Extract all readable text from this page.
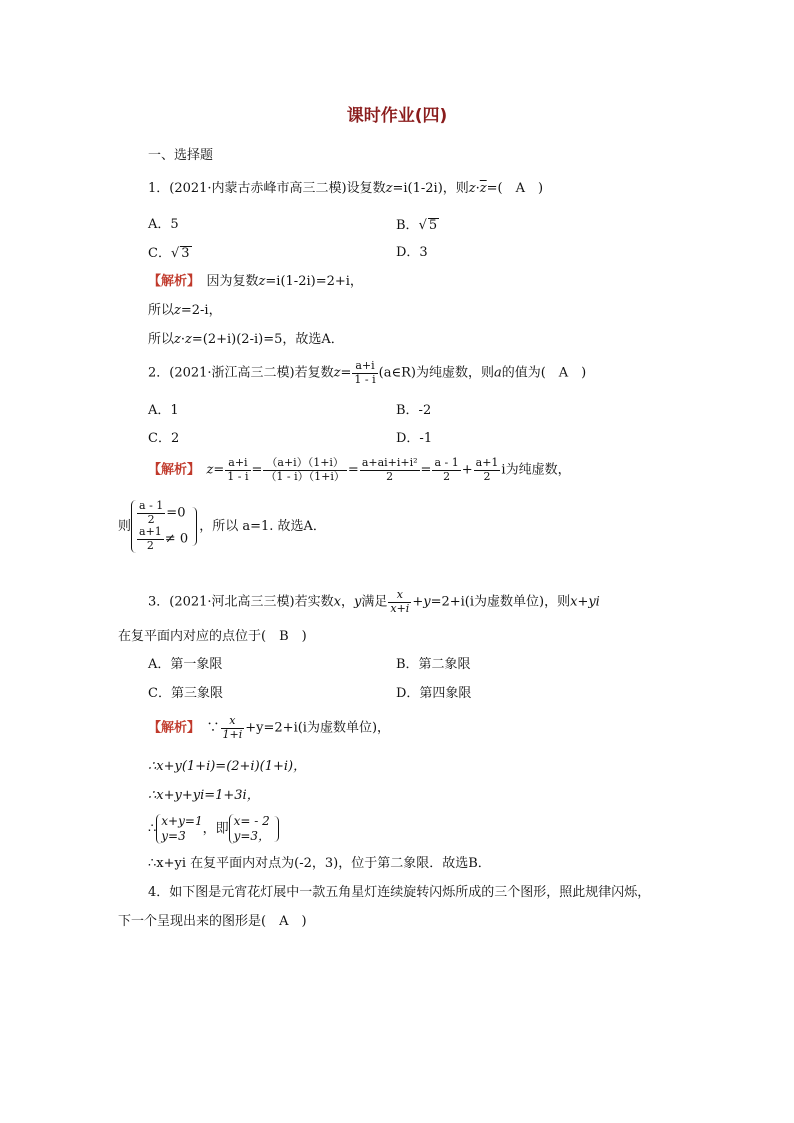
课时作业(四)
一、选择题
1．(2021·内蒙古赤峰市高三二模)设复数z=i(1-2i)，则$z\cdot\overline{z}=$(　A　)
A．5	B．√ 5
C．√ 3	D．3
【解析】　 因为复数z=i(1-2i)=2+i，
所以z=2-i，
所以z·z=(2+i)(2-i)=5，故选A．
2．(2021·浙江高三二模)若复数$z= \frac{a+i}{1 - i}$ (a∈R)为纯虚数，则a的值为(　A　)
A．1	B．-2
C．2	D．-1
【解析】　 $z= \frac{a+i}{1 - i} = \frac{(a+i)(1+i)}{(1 - i)(1+i)} = \frac{\text{a+ai+i+i²}}{2} = \frac{a - 1}{2} + \frac{a+1}{2}$ i为纯虚数，
则 $\frac{a - 1}{2} =0$

$\frac{a+1}{2} \ne 0$

，所以 a=1. 故选A．
3．(2021·河北高三三模)若实数x，y满足 $\frac{x}{x+i} +y=2+i(i$为虚数单位)，则x+yi
在复平面内对应的点位于(　B　)
A．第一象限	B．第二象限
C．第三象限	D．第四象限
【解析】　 ∵ $\frac{x}{1+i} +y=2+i(i$为虚数单位)，
∴x+y(1+i)=(2+i)(1+i)，
∴x+y+yi=1+3i，
∴x+y=1
y=3 ，即x= - 2
y=3，

∴x+yi 在复平面内对点为(-2，3)，位于第二象限．故选B．
4．如下图是元宵花灯展中一款五角星灯连续旋转闪烁所成的三个图形，照此规律闪烁，
下一个呈现出来的图形是(　A　)
